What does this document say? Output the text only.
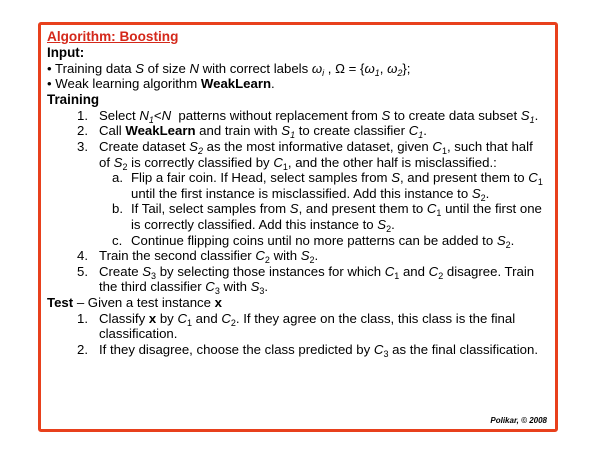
Algorithm: Boosting
Input:
• Training data S of size N with correct labels $\omega_i$ , $\Omega = \{\omega_1$, $\omega_2$};
• Weak learning algorithm WeakLearn.
Training
1. Select $N_1<N$  patterns without replacement from S to create data subset $S_1$.
2. Call WeakLearn and train with $S_1$ to create classifier $C_1$.
3. Create dataset $S_2$ as the most informative dataset, given $C_1$, such that half
of $S_2$ is correctly classified by $C_1$, and the other half is misclassified.:
a. Flip a fair coin. If Head, select samples from S, and present them to $C_1$
until the first instance is misclassified. Add this instance to $S_2$.
b. If Tail, select samples from S, and present them to $C_1$ until the first one
is correctly classified. Add this instance to $S_2$.
c. Continue flipping coins until no more patterns can be added to $S_2$.
4. Train the second classifier $C_2$ with $S_2$.
5. Create $S_3$ by selecting those instances for which $C_1$ and $C_2$ disagree. Train
the third classifier $C_3$ with $S_3$.
Test – Given a test instance x
1. Classify x by $C_1$ and $C_2$. If they agree on the class, this class is the final
classification.
2. If they disagree, choose the class predicted by $C_3$ as the final classification.
Polikar, © 2008
